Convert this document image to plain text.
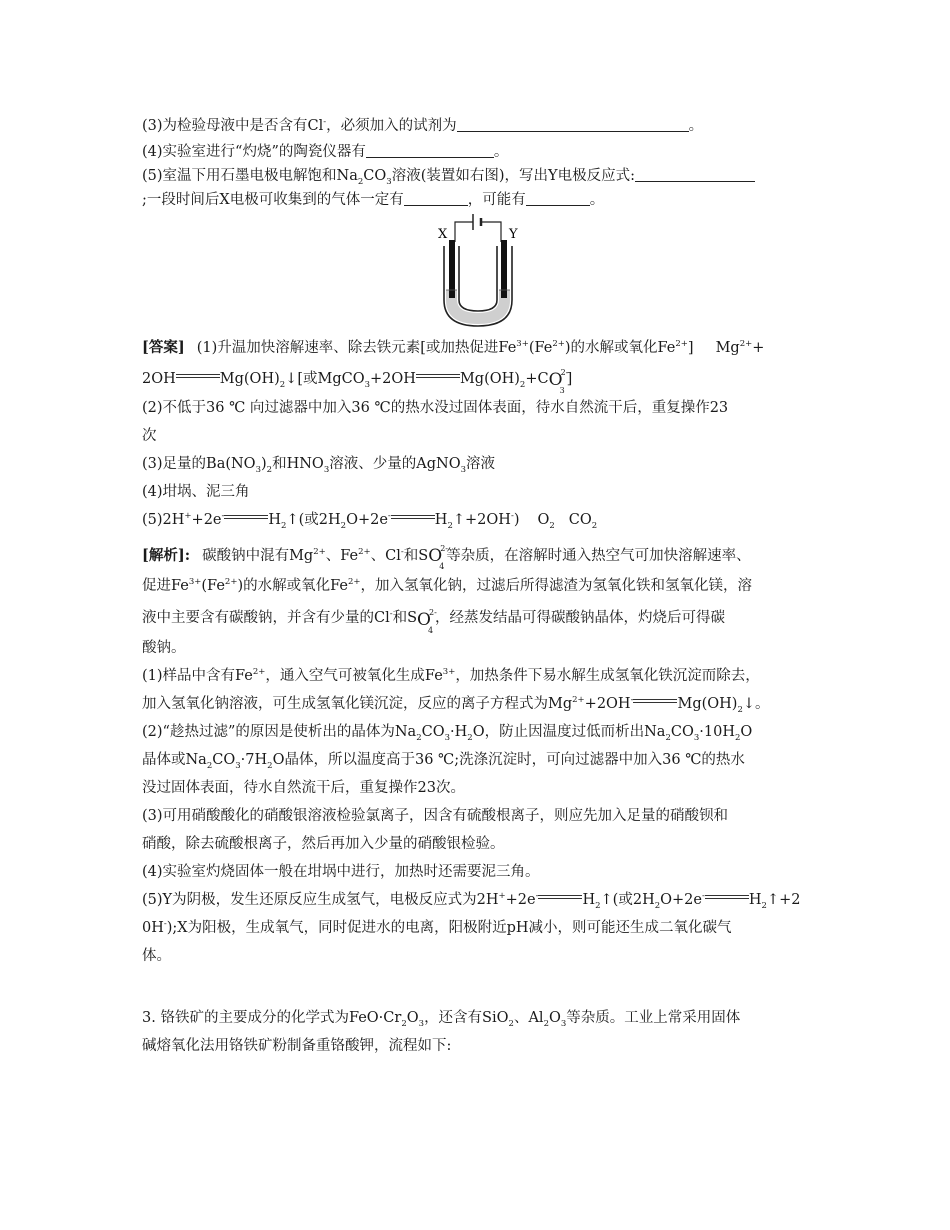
(3)为检验母液中是否含有Cl-，必须加入的试剂为	。
(4)实验室进行“灼烧”的陶瓷仪器有	。
(5)室温下用石墨电极电解饱和$Na_2CO_3$溶液(装置如右图)，写出Y电极反应式:
;一段时间后X电极可收集到的气体一定有	，可能有	。
X	Y
[答案] (1)升温加快溶解速率、除去铁元素[或加热促进$Fe^{3+}(Fe^{2+})$的水解或氧化$Fe^{2+}$] $Mg^{2+}+$
2OH	$Mg(OH)_2↓$[或MgCO$_3$+2OH	$Mg(OH)_2+C$ O
3
2-
]
(2)不低于36 ℃ 向过滤器中加入36 ℃的热水没过固体表面，待水自然流干后，重复操作23
次
(3)足量的$Ba(NO_3)_2$和$HNO_3$溶液、少量的AgNO$_3$溶液
(4)坩埚、泥三角
(5)2H++2e-	$H_2↑$(或$2H_2O+2e^-$	$H_2↑+2OH^-$) $O_2$ $CO_2$
[解析]: 碳酸钠中混有$Mg^{2+}$、$Fe^{2+}$、Cl-和S O
4
2-
等杂质，在溶解时通入热空气可加快溶解速率、
促进$Fe^{3+}(Fe^{2+})$的水解或氧化$Fe^{2+}$，加入氢氧化钠，过滤后所得滤渣为氢氧化铁和氢氧化镁，溶
液中主要含有碳酸钠，并含有少量的Cl-和S O
4
2-
，经蒸发结晶可得碳酸钠晶体，灼烧后可得碳
酸钠。
(1)样品中含有$Fe^{2+}$，通入空气可被氧化生成$Fe^{3+}$，加热条件下易水解生成氢氧化铁沉淀而除去，
加入氢氧化钠溶液，可生成氢氧化镁沉淀，反应的离子方程式为$Mg^{2+}+2OH^-$	$Mg(OH)_2↓$。
(2)“趁热过滤”的原因是使析出的晶体为$Na_2CO_3\cdot H_2O$，防止因温度过低而析出$Na_2CO_3\cdot 10H_2O$
晶体或$Na_2CO_3\cdot 7H_2O$晶体，所以温度高于36 ℃;洗涤沉淀时，可向过滤器中加入36 ℃的热水
没过固体表面，待水自然流干后，重复操作23次。
(3)可用硝酸酸化的硝酸银溶液检验氯离子，因含有硫酸根离子，则应先加入足量的硝酸钡和
硝酸，除去硫酸根离子，然后再加入少量的硝酸银检验。
(4)实验室灼烧固体一般在坩埚中进行，加热时还需要泥三角。
(5)Y为阴极，发生还原反应生成氢气，电极反应式为2H++2e-	$H_2↑$(或$2H_2O+2e^-$	$H_2↑+2$
0H-);X为阳极，生成氧气，同时促进水的电离，阳极附近pH减小，则可能还生成二氧化碳气
体。
3. 铬铁矿的主要成分的化学式为$FeO\cdot Cr_2O_3$，还含有SiO$_2$、$Al_2O_3$等杂质。工业上常采用固体
碱熔氧化法用铬铁矿粉制备重铬酸钾，流程如下:
